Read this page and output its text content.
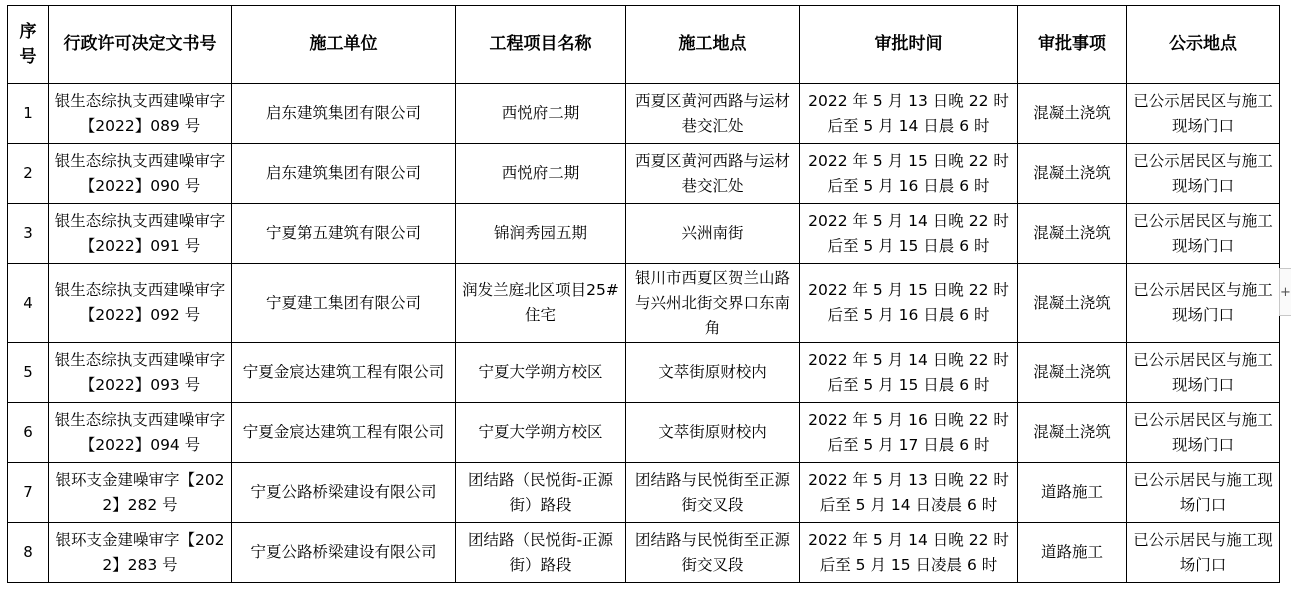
序号	行政许可决定文书号	施工单位	工程项目名称	施工地点	审批时间	审批事项	公示地点
1	银生态综执支西建噪审字【2022】089 号	启东建筑集团有限公司	西悦府二期	西夏区黄河西路与运材巷交汇处	2022 年 5 月 13 日晚 22 时后至 5 月 14 日晨 6 时	混凝土浇筑	已公示居民区与施工现场门口
2	银生态综执支西建噪审字【2022】090 号	启东建筑集团有限公司	西悦府二期	西夏区黄河西路与运材巷交汇处	2022 年 5 月 15 日晚 22 时后至 5 月 16 日晨 6 时	混凝土浇筑	已公示居民区与施工现场门口
3	银生态综执支西建噪审字【2022】091 号	宁夏第五建筑有限公司	锦润秀园五期	兴洲南街	2022 年 5 月 14 日晚 22 时后至 5 月 15 日晨 6 时	混凝土浇筑	已公示居民区与施工现场门口
4	银生态综执支西建噪审字【2022】092 号	宁夏建工集团有限公司	润发兰庭北区项目25#住宅	银川市西夏区贺兰山路与兴州北街交界口东南角	2022 年 5 月 15 日晚 22 时后至 5 月 16 日晨 6 时	混凝土浇筑	已公示居民区与施工现场门口
5	银生态综执支西建噪审字【2022】093 号	宁夏金宸达建筑工程有限公司	宁夏大学朔方校区	文萃街原财校内	2022 年 5 月 14 日晚 22 时后至 5 月 15 日晨 6 时	混凝土浇筑	已公示居民区与施工现场门口
6	银生态综执支西建噪审字【2022】094 号	宁夏金宸达建筑工程有限公司	宁夏大学朔方校区	文萃街原财校内	2022 年 5 月 16 日晚 22 时后至 5 月 17 日晨 6 时	混凝土浇筑	已公示居民区与施工现场门口
7	银环支金建噪审字【2022】282 号	宁夏公路桥梁建设有限公司	团结路（民悦街-正源街）路段	团结路与民悦街至正源街交叉段	2022 年 5 月 13 日晚 22 时后至 5 月 14 日凌晨 6 时	道路施工	已公示居民与施工现场门口
8	银环支金建噪审字【2022】283 号	宁夏公路桥梁建设有限公司	团结路（民悦街-正源街）路段	团结路与民悦街至正源街交叉段	2022 年 5 月 14 日晚 22 时后至 5 月 15 日凌晨 6 时	道路施工	已公示居民与施工现场门口
+
